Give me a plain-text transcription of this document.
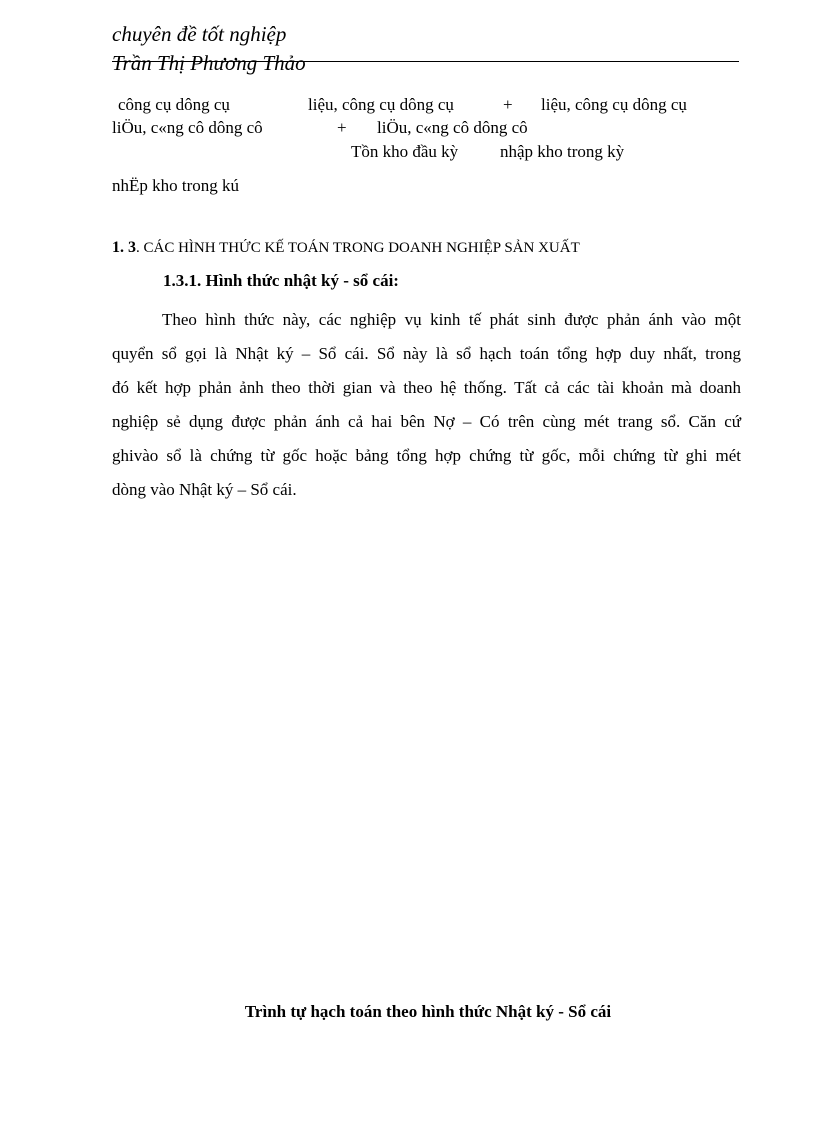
chuyên đề tốt nghiệp
Trần Thị Phương Thảo
công cụ dông cụ	liệu, công cụ dông cụ	+ liệu, công cụ dông cụ
liÖu, c«ng cô dông cô	+ liÖu, c«ng cô dông cô
Tồn kho đầu kỳ nhập kho trong kỳ
nhËp kho trong kú
1. 3. CÁC HÌNH THỨC KẾ TOÁN TRONG DOANH NGHIỆP SẢN XUẤT
1.3.1. Hình thức nhật ký - sổ cái:
Theo hình thức này, các nghiệp vụ kinh tế phát sinh được phản ánh vào một
quyển sổ gọi là Nhật ký – Sổ cái. Sổ này là sổ hạch toán tổng hợp duy nhất, trong
đó kết hợp phản ảnh theo thời gian và theo hệ thống. Tất cả các tài khoản mà doanh
nghiệp sẻ dụng được phản ánh cả hai bên Nợ – Có trên cùng mét trang sổ. Căn cứ
ghivào sổ là chứng từ gốc hoặc bảng tổng hợp chứng từ gốc, mỗi chứng từ ghi mét
dòng vào Nhật ký – Sổ cái.
Trình tự hạch toán theo hình thức Nhật ký - Sổ cái
